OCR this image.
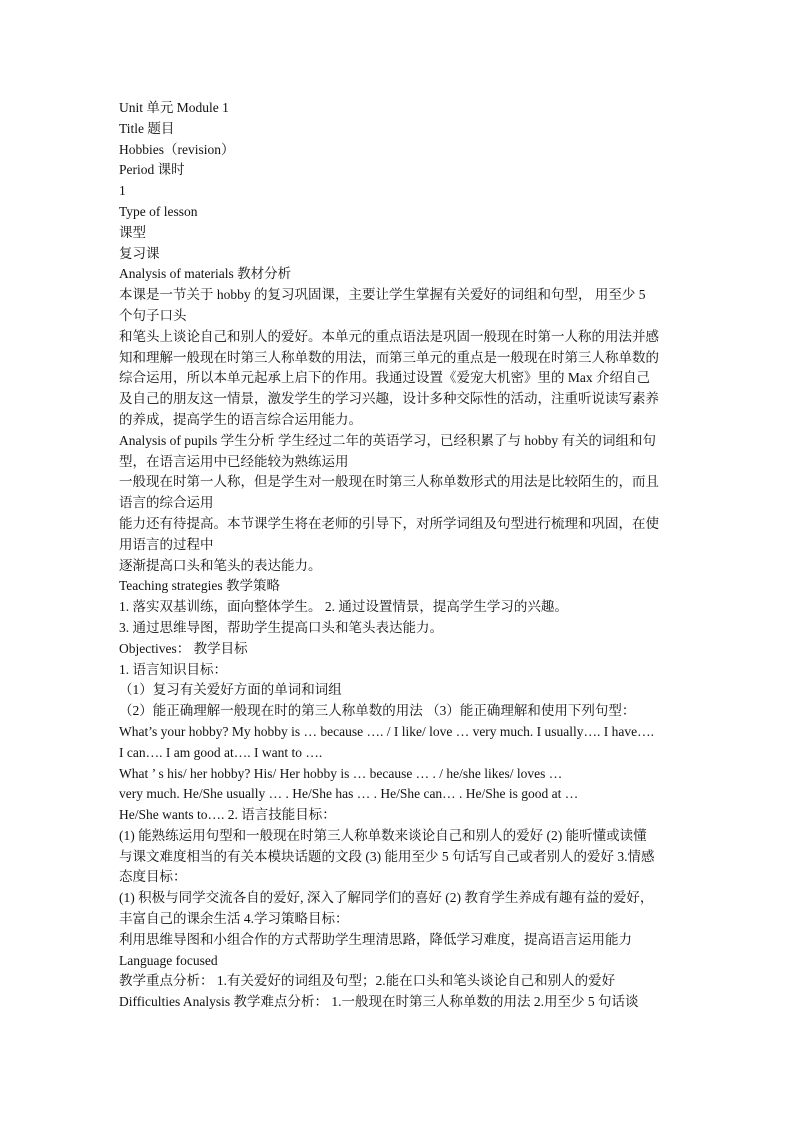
Unit 单元 Module 1
Title 题目
Hobbies（revision）
Period 课时
1
Type of lesson
课型
复习课
Analysis of materials 教材分析
本课是一节关于 hobby 的复习巩固课，主要让学生掌握有关爱好的词组和句型， 用至少 5
个句子口头
和笔头上谈论自己和别人的爱好。本单元的重点语法是巩固一般现在时第一人称的用法并感
知和理解一般现在时第三人称单数的用法，而第三单元的重点是一般现在时第三人称单数的
综合运用，所以本单元起承上启下的作用。我通过设置《爱宠大机密》里的 Max 介绍自己
及自己的朋友这一情景，激发学生的学习兴趣，设计多种交际性的活动，注重听说读写素养
的养成，提高学生的语言综合运用能力。
Analysis of pupils 学生分析 学生经过二年的英语学习，已经积累了与 hobby 有关的词组和句
型，在语言运用中已经能较为熟练运用
一般现在时第一人称，但是学生对一般现在时第三人称单数形式的用法是比较陌生的，而且
语言的综合运用
能力还有待提高。本节课学生将在老师的引导下，对所学词组及句型进行梳理和巩固，在使
用语言的过程中
逐渐提高口头和笔头的表达能力。
Teaching strategies 教学策略
1. 落实双基训练，面向整体学生。 2. 通过设置情景，提高学生学习的兴趣。
3. 通过思维导图，帮助学生提高口头和笔头表达能力。
Objectives： 教学目标
1. 语言知识目标：
（1）复习有关爱好方面的单词和词组
（2）能正确理解一般现在时的第三人称单数的用法 （3）能正确理解和使用下列句型：
What’s your hobby? My hobby is … because …. / I like/ love … very much. I usually…. I have….
I can…. I am good at…. I want to ….
What ’ s his/ her hobby? His/ Her hobby is … because … . / he/she likes/ loves …
very much. He/She usually … . He/She has … . He/She can… . He/She is good at …
He/She wants to…. 2. 语言技能目标：
(1) 能熟练运用句型和一般现在时第三人称单数来谈论自己和别人的爱好 (2) 能听懂或读懂
与课文难度相当的有关本模块话题的文段 (3) 能用至少 5 句话写自己或者别人的爱好 3.情感
态度目标：
(1) 积极与同学交流各自的爱好, 深入了解同学们的喜好 (2) 教育学生养成有趣有益的爱好，
丰富自己的课余生活 4.学习策略目标：
利用思维导图和小组合作的方式帮助学生理清思路，降低学习难度，提高语言运用能力
Language focused
教学重点分析： 1.有关爱好的词组及句型；2.能在口头和笔头谈论自己和别人的爱好
Difficulties Analysis 教学难点分析： 1.一般现在时第三人称单数的用法 2.用至少 5 句话谈
